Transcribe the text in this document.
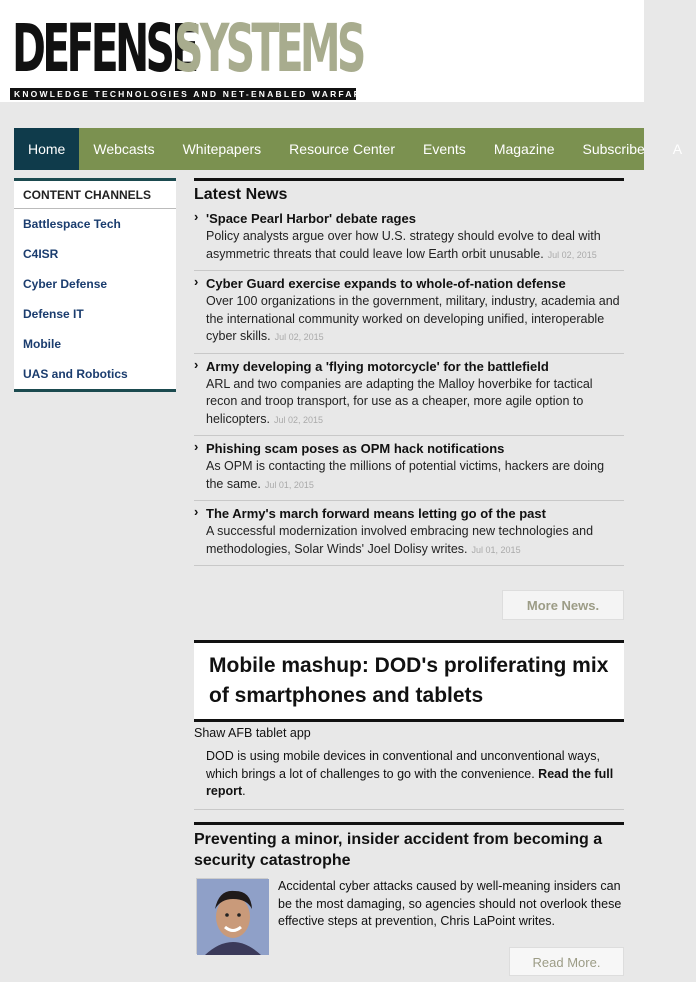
DEFENSE
SYSTEMS
KNOWLEDGE TECHNOLOGIES AND NET-ENABLED WARFARE
Home	Webcasts	Whitepapers	Resource Center	Events	Magazine	Subscribe	A
CONTENT CHANNELS
Battlespace Tech
C4ISR
Cyber Defense
Defense IT
Mobile
UAS and Robotics
Latest News
› 'Space Pearl Harbor' debate rages
Policy analysts argue over how U.S. strategy should evolve to deal with asymmetric threats that could leave low Earth orbit unusable. Jul 02, 2015
› Cyber Guard exercise expands to whole-of-nation defense
Over 100 organizations in the government, military, industry, academia and the international community worked on developing unified, interoperable cyber skills. Jul 02, 2015
› Army developing a 'flying motorcycle' for the battlefield
ARL and two companies are adapting the Malloy hoverbike for tactical recon and troop transport, for use as a cheaper, more agile option to helicopters. Jul 02, 2015
› Phishing scam poses as OPM hack notifications
As OPM is contacting the millions of potential victims, hackers are doing the same. Jul 01, 2015
› The Army's march forward means letting go of the past
A successful modernization involved embracing new technologies and methodologies, Solar Winds' Joel Dolisy writes. Jul 01, 2015
More News.
Mobile mashup: DOD's proliferating mix of smartphones and tablets
Shaw AFB tablet app
DOD is using mobile devices in conventional and unconventional ways, which brings a lot of challenges to go with the convenience. Read the full report.
Preventing a minor, insider accident from becoming a security catastrophe
Accidental cyber attacks caused by well-meaning insiders can be the most damaging, so agencies should not overlook these effective steps at prevention, Chris LaPoint writes.
Read More.
